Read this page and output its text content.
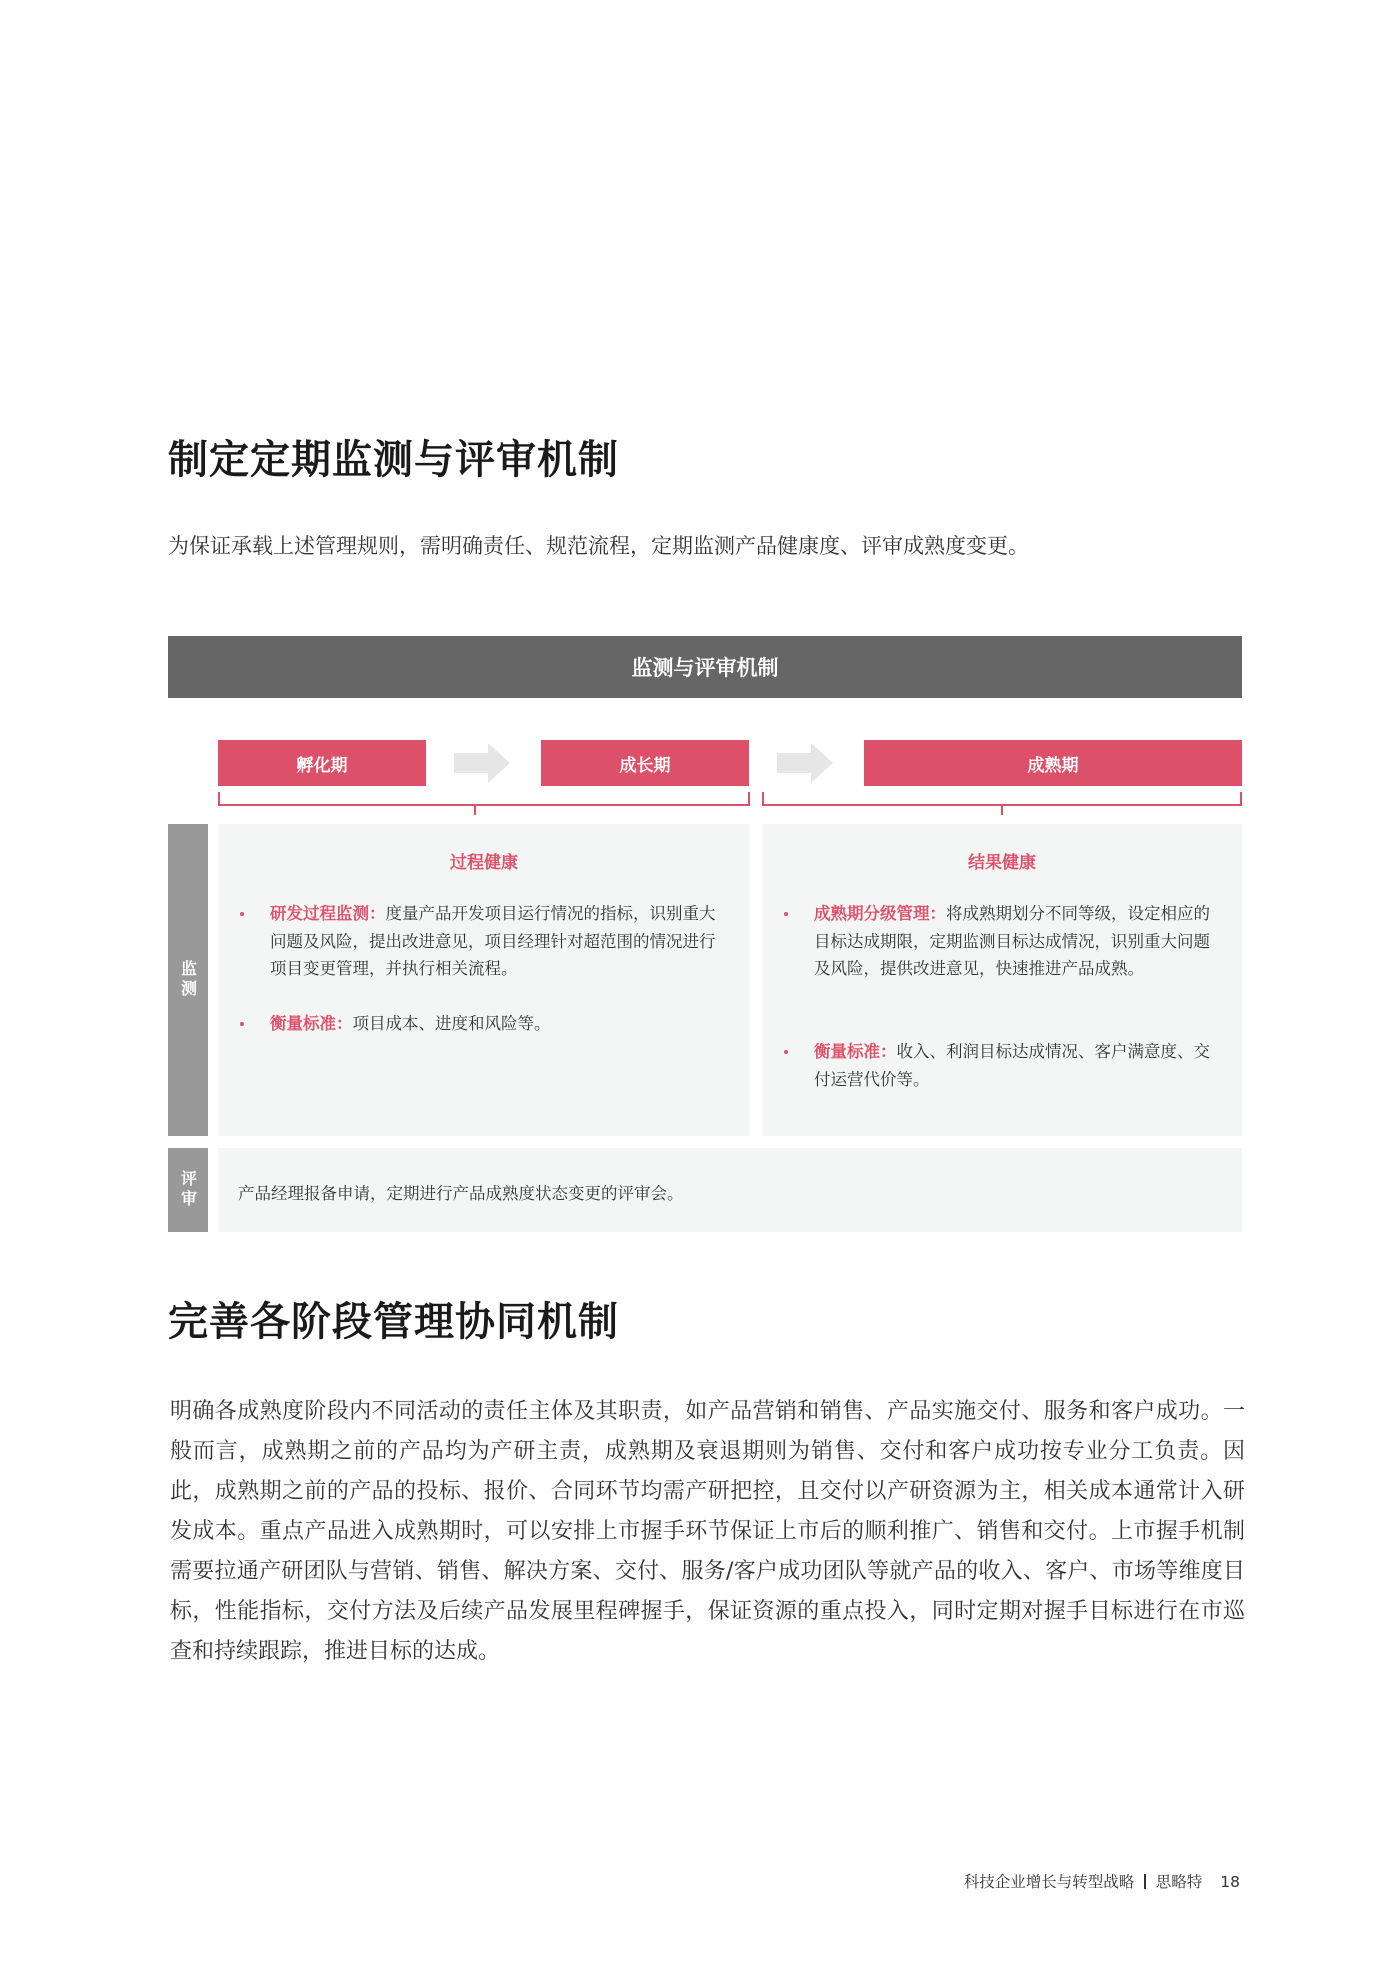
制定定期监测与评审机制
为保证承载上述管理规则，需明确责任、规范流程，定期监测产品健康度、评审成熟度变更。
监测与评审机制
孵化期	成长期	成熟期
监测
过程健康
研发过程监测：度量产品开发项目运行情况的指标，识别重大问题及风险，提出改进意见，项目经理针对超范围的情况进行项目变更管理，并执行相关流程。
衡量标准：项目成本、进度和风险等。
结果健康
成熟期分级管理：将成熟期划分不同等级，设定相应的目标达成期限，定期监测目标达成情况，识别重大问题及风险，提供改进意见，快速推进产品成熟。
衡量标准：收入、利润目标达成情况、客户满意度、交付运营代价等。
评审	产品经理报备申请，定期进行产品成熟度状态变更的评审会。
完善各阶段管理协同机制
明确各成熟度阶段内不同活动的责任主体及其职责，如产品营销和销售、产品实施交付、服务和客户成功。一般而言，成熟期之前的产品均为产研主责，成熟期及衰退期则为销售、交付和客户成功按专业分工负责。因此，成熟期之前的产品的投标、报价、合同环节均需产研把控，且交付以产研资源为主，相关成本通常计入研发成本。重点产品进入成熟期时，可以安排上市握手环节保证上市后的顺利推广、销售和交付。上市握手机制需要拉通产研团队与营销、销售、解决方案、交付、服务/客户成功团队等就产品的收入、客户、市场等维度目标，性能指标，交付方法及后续产品发展里程碑握手，保证资源的重点投入，同时定期对握手目标进行在市巡查和持续跟踪，推进目标的达成。
科技企业增长与转型战略 思略特 18
